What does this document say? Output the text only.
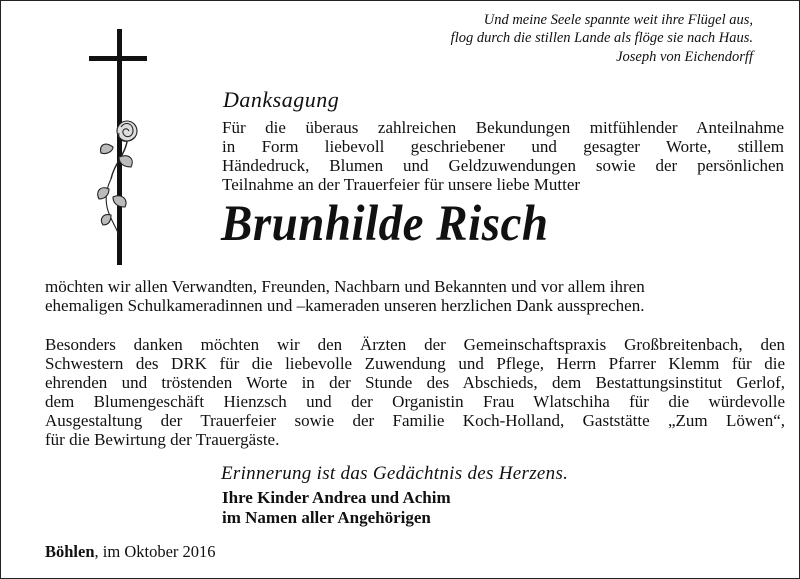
Und meine Seele spannte weit ihre Flügel aus,
flog durch die stillen Lande als flöge sie nach Haus.
Joseph von Eichendorff
Danksagung
Für die überaus zahlreichen Bekundungen mitfühlender Anteilnahme
in Form liebevoll geschriebener und gesagter Worte, stillem
Händedruck, Blumen und Geldzuwendungen sowie der persönlichen
Teilnahme an der Trauerfeier für unsere liebe Mutter
Brunhilde Risch
möchten wir allen Verwandten, Freunden, Nachbarn und Bekannten und vor allem ihren
ehemaligen Schulkameradinnen und –kameraden unseren herzlichen Dank aussprechen.
Besonders danken möchten wir den Ärzten der Gemeinschaftspraxis Großbreitenbach, den
Schwestern des DRK für die liebevolle Zuwendung und Pflege, Herrn Pfarrer Klemm für die
ehrenden und tröstenden Worte in der Stunde des Abschieds, dem Bestattungsinstitut Gerlof,
dem Blumengeschäft Hienzsch und der Organistin Frau Wlatschiha für die würdevolle
Ausgestaltung der Trauerfeier sowie der Familie Koch-Holland, Gaststätte „Zum Löwen“,
für die Bewirtung der Trauergäste.
Erinnerung ist das Gedächtnis des Herzens.
Ihre Kinder Andrea und Achim
im Namen aller Angehörigen
Böhlen, im Oktober 2016
